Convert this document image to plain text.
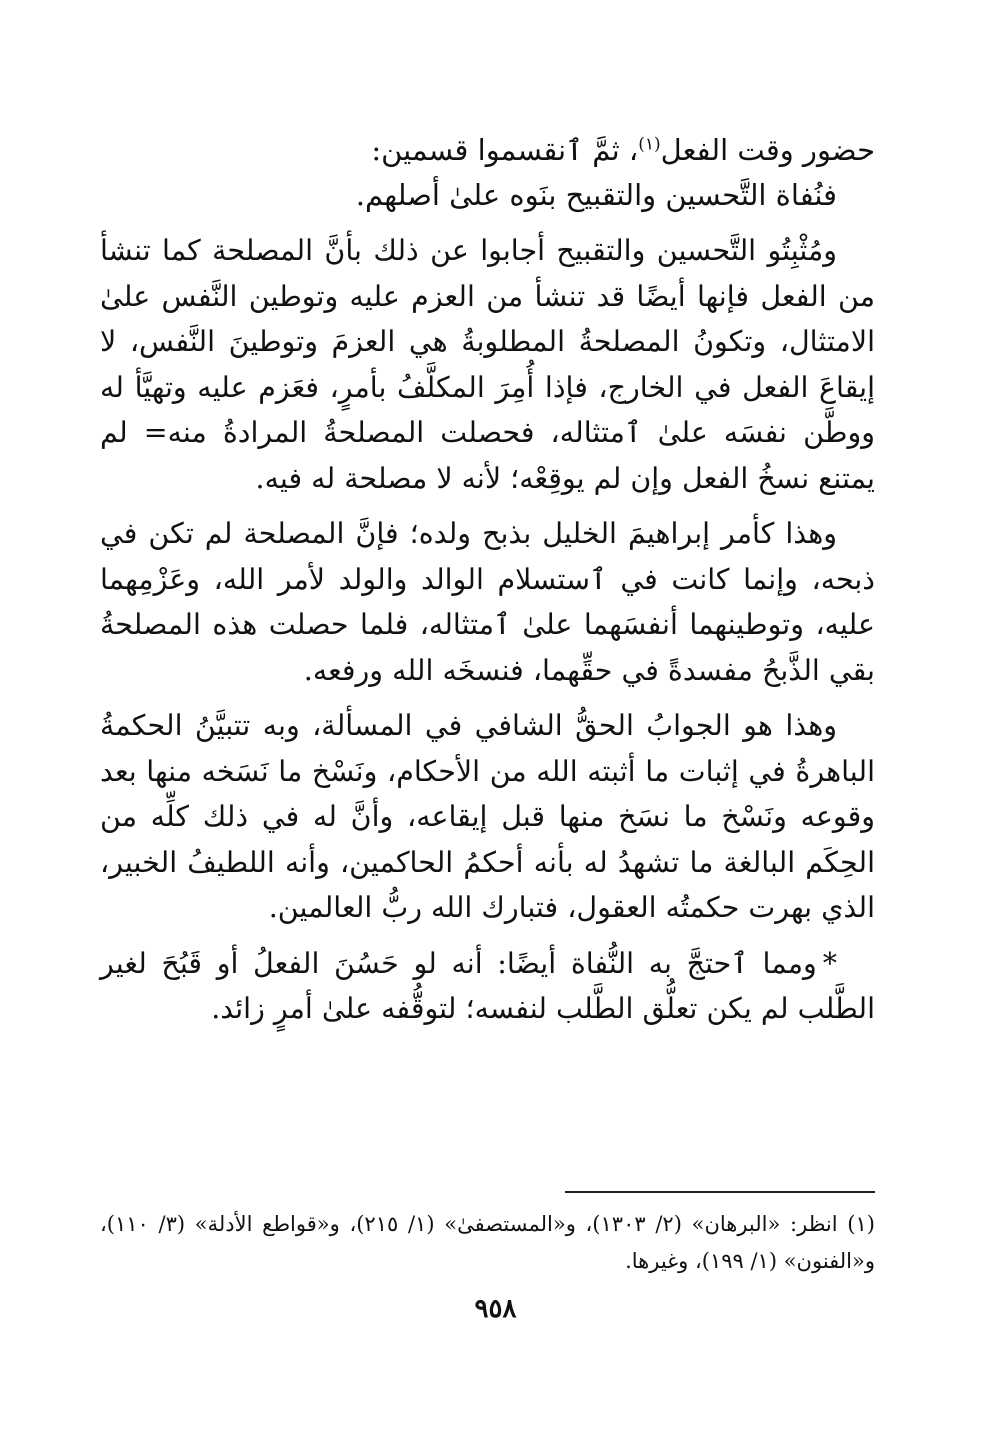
حضور وقت الفعل$^{(١)}$، ثمَّ ٱنقسموا قسمين:

فنُفاة التَّحسين والتقبيح بنَوه علىٰ أصلهم.

ومُثْبِتُو التَّحسين والتقبيح أجابوا عن ذلك بأنَّ المصلحة كما تنشأ من الفعل فإنها أيضًا قد تنشأ من العزم عليه وتوطين النَّفس علىٰ الامتثال، وتكونُ المصلحةُ المطلوبةُ هي العزمَ وتوطينَ النَّفس، لا إيقاعَ الفعل في الخارج، فإذا أُمِرَ المكلَّفُ بأمرٍ، فعَزم عليه وتهيَّأ له ووطَّن نفسَه علىٰ ٱمتثاله، فحصلت المصلحةُ المرادةُ منه= لم يمتنع نسخُ الفعل وإن لم يوقِعْه؛ لأنه لا مصلحة له فيه.

وهذا كأمر إبراهيمَ الخليل بذبح ولده؛ فإنَّ المصلحة لم تكن في ذبحه، وإنما كانت في ٱستسلام الوالد والولد لأمر الله، وعَزْمِهما عليه، وتوطينهما أنفسَهما علىٰ ٱمتثاله، فلما حصلت هذه المصلحةُ بقي الذَّبحُ مفسدةً في حقِّهما، فنسخَه الله ورفعه.

وهذا هو الجوابُ الحقُّ الشافي في المسألة، وبه تتبيَّنُ الحكمةُ الباهرةُ في إثبات ما أثبته الله من الأحكام، ونَسْخ ما نَسَخه منها بعد وقوعه ونَسْخ ما نسَخ منها قبل إيقاعه، وأنَّ له في ذلك كلِّه من الحِكَم البالغة ما تشهدُ له بأنه أحكمُ الحاكمين، وأنه اللطيفُ الخبير، الذي بهرت حكمتُه العقول، فتبارك الله ربُّ العالمين.

*ومما ٱحتجَّ به النُّفاة أيضًا: أنه لو حَسُنَ الفعلُ أو قَبُحَ لغير الطَّلب لم يكن تعلُّق الطَّلب لنفسه؛ لتوقُّفه علىٰ أمرٍ زائد.

(١) انظر: «البرهان» (٢/ ١٣٠٣)، و«المستصفىٰ» (١/ ٢١٥)، و«قواطع الأدلة» (٣/ ١١٠)، و«الفنون» (١/ ١٩٩)، وغيرها.
٩٥٨
